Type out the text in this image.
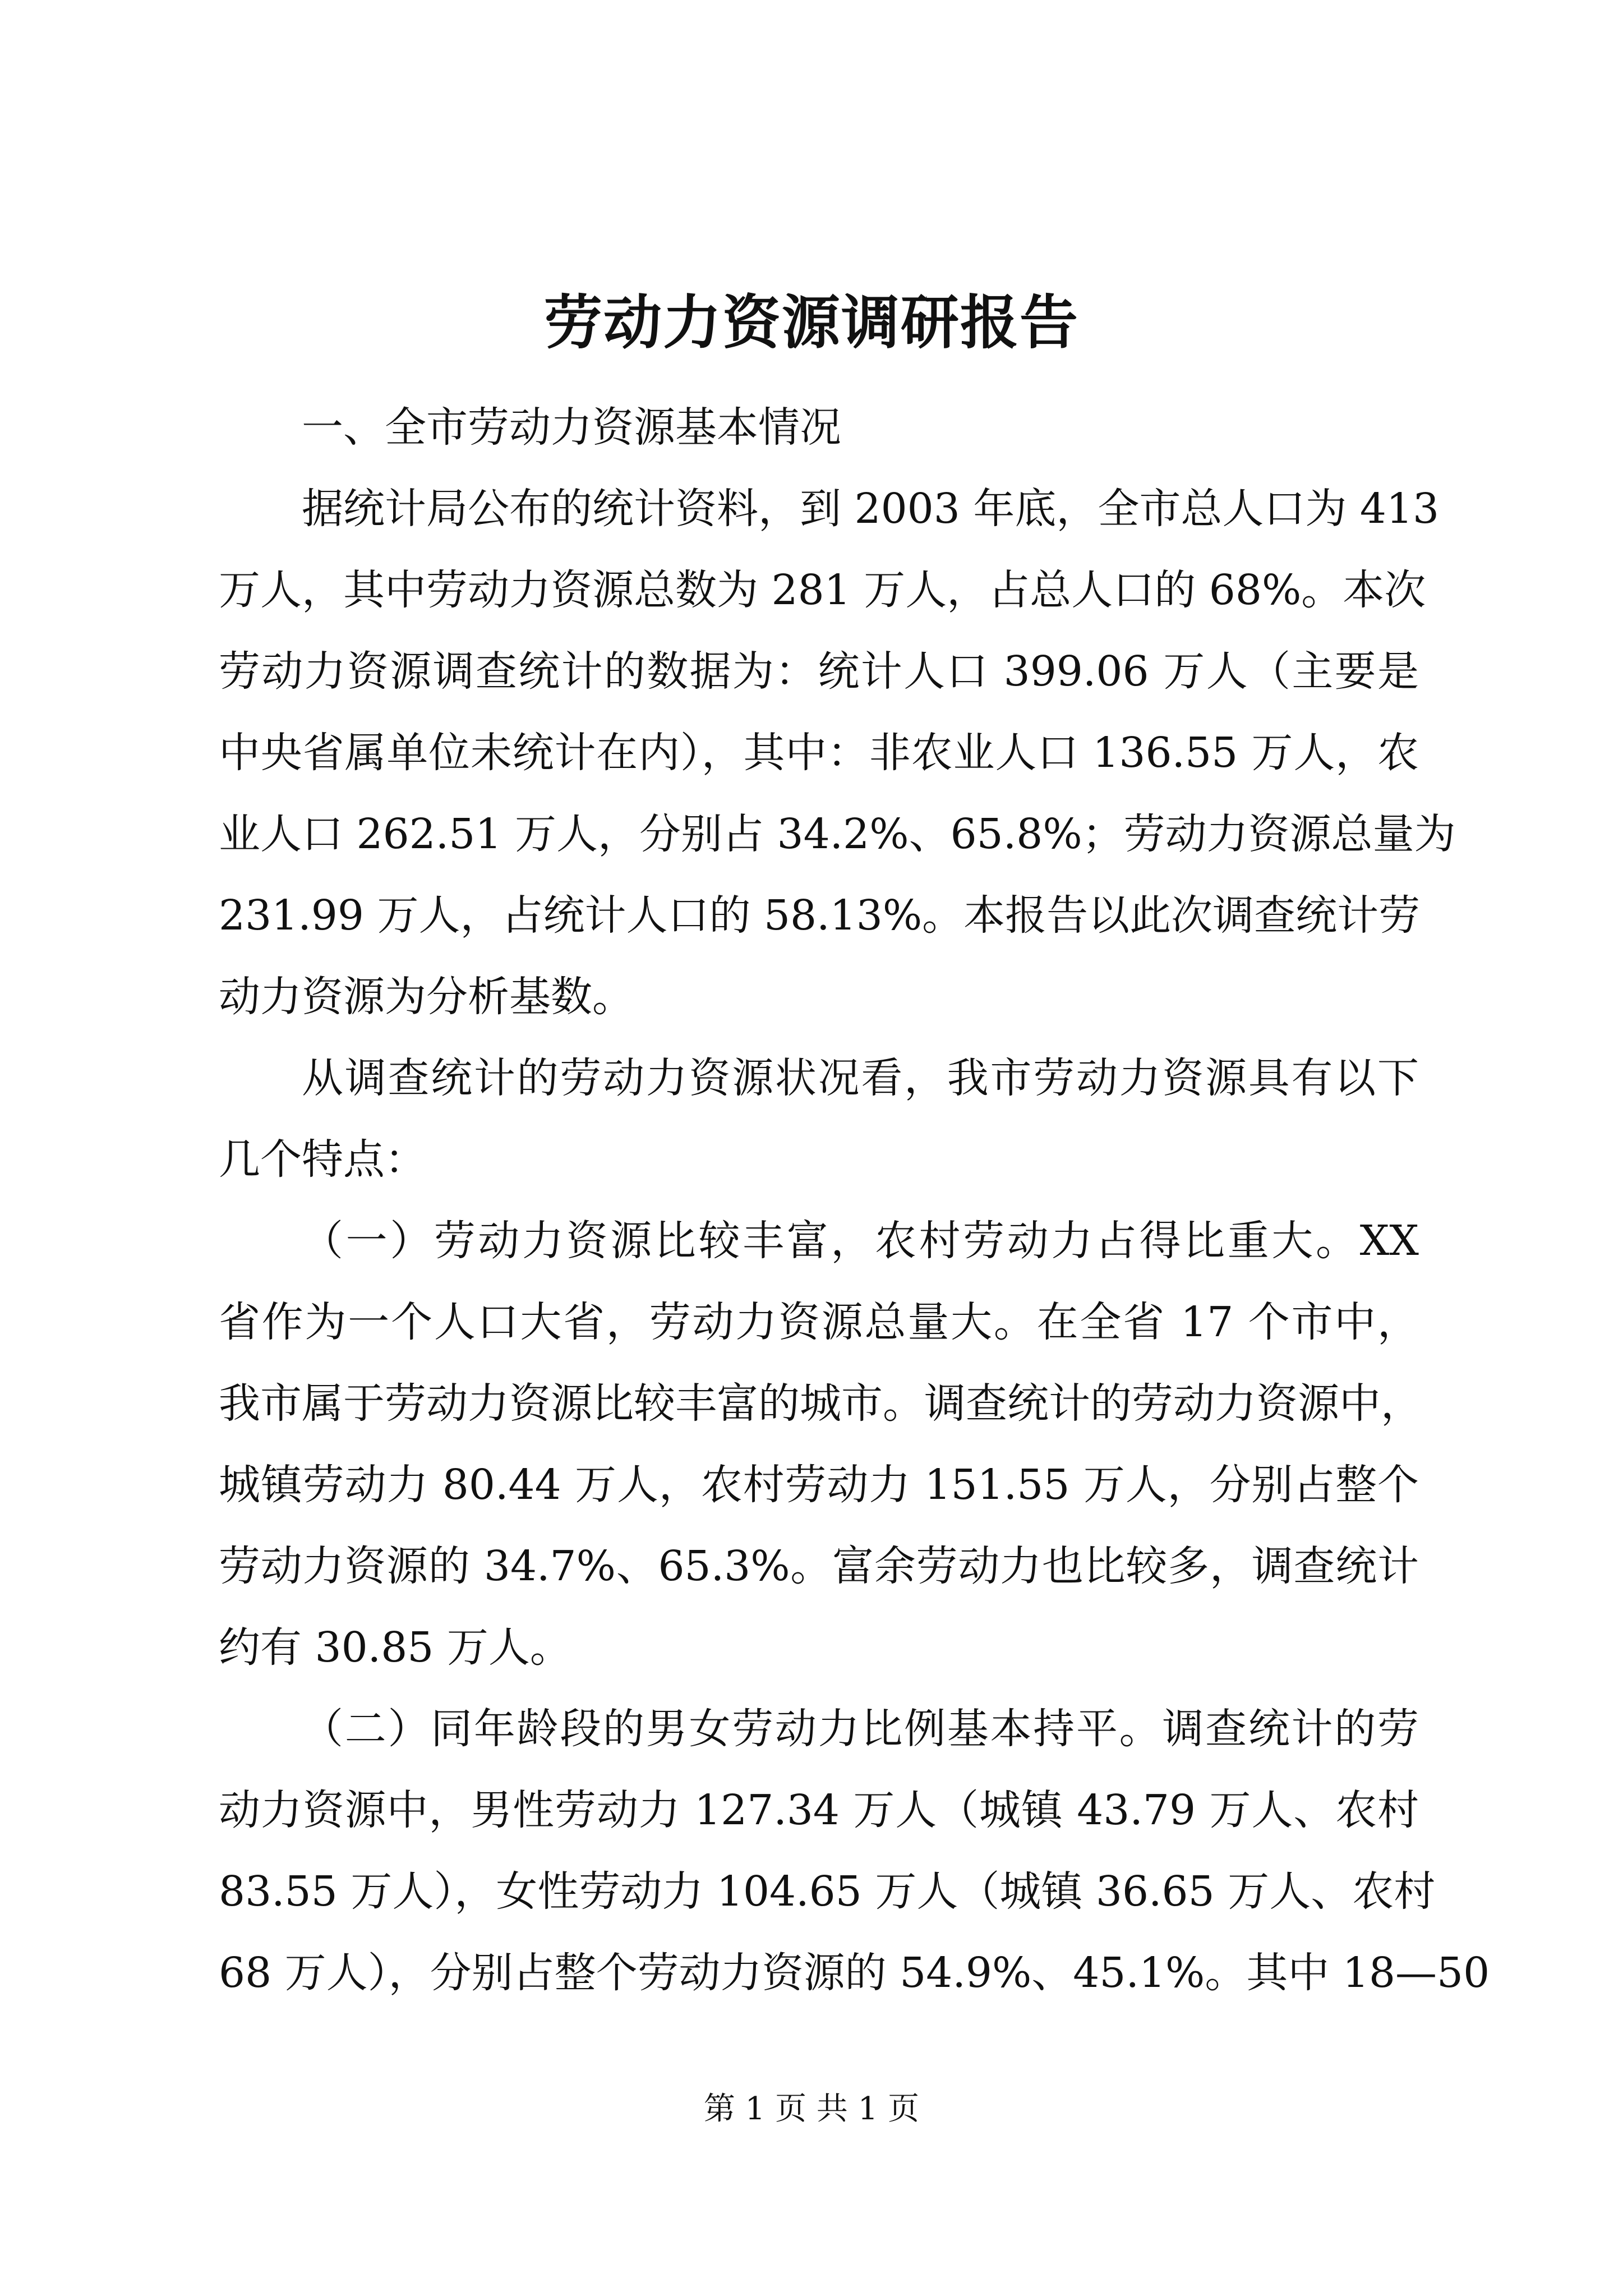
劳动力资源调研报告
一、全市劳动力资源基本情况
据统计局公布的统计资料，到 2003 年底，全市总人口为 413
万人，其中劳动力资源总数为 281 万人，占总人口的 68%。本次
劳动力资源调查统计的数据为：统计人口 399.06 万人（主要是
中央省属单位未统计在内），其中：非农业人口 136.55 万人，农
业人口 262.51 万人，分别占 34.2%、65.8%；劳动力资源总量为
231.99 万人，占统计人口的 58.13%。本报告以此次调查统计劳
动力资源为分析基数。
从调查统计的劳动力资源状况看，我市劳动力资源具有以下
几个特点：
（一）劳动力资源比较丰富，农村劳动力占得比重大。XX
省作为一个人口大省，劳动力资源总量大。在全省 17 个市中，
我市属于劳动力资源比较丰富的城市。调查统计的劳动力资源中，
城镇劳动力 80.44 万人，农村劳动力 151.55 万人，分别占整个
劳动力资源的 34.7%、65.3%。富余劳动力也比较多，调查统计
约有 30.85 万人。
（二）同年龄段的男女劳动力比例基本持平。调查统计的劳
动力资源中，男性劳动力 127.34 万人（城镇 43.79 万人、农村
83.55 万人），女性劳动力 104.65 万人（城镇 36.65 万人、农村
68 万人），分别占整个劳动力资源的 54.9%、45.1%。其中 18—50
第 1 页 共 1 页
